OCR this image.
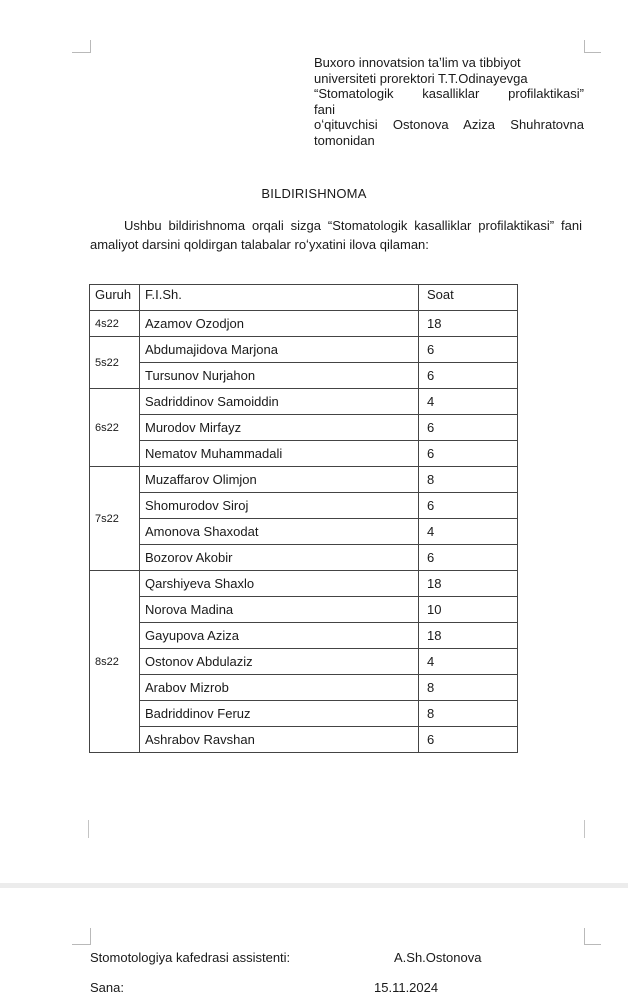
Buxoro innovatsion taʼlim va tibbiyot
universiteti prorektori T.T.Odinayevga
“Stomatologik kasalliklar profilaktikasi”
fani
oʻqituvchisi Ostonova Aziza Shuhratovna
tomonidan
BILDIRISHNOMA
Ushbu bildirishnoma orqali sizga “Stomatologik kasalliklar profilaktikasi” fani amaliyot darsini qoldirgan talabalar roʻyxatini ilova qilaman:
Guruh	F.I.Sh.	Soat
4s22	Azamov Ozodjon	18
5s22	Abdumajidova Marjona	6
	Tursunov Nurjahon	6
6s22	Sadriddinov Samoiddin	4
	Murodov Mirfayz	6
	Nematov Muhammadali	6
7s22	Muzaffarov Olimjon	8
	Shomurodov Siroj	6
	Amonova Shaxodat	4
	Bozorov Akobir	6
8s22	Qarshiyeva Shaxlo	18
	Norova Madina	10
	Gayupova Aziza	18
	Ostonov Abdulaziz	4
	Arabov Mizrob	8
	Badriddinov Feruz	8
	Ashrabov Ravshan	6
Stomotologiya kafedrasi assistenti:	A.Sh.Ostonova
Sana:	15.11.2024
